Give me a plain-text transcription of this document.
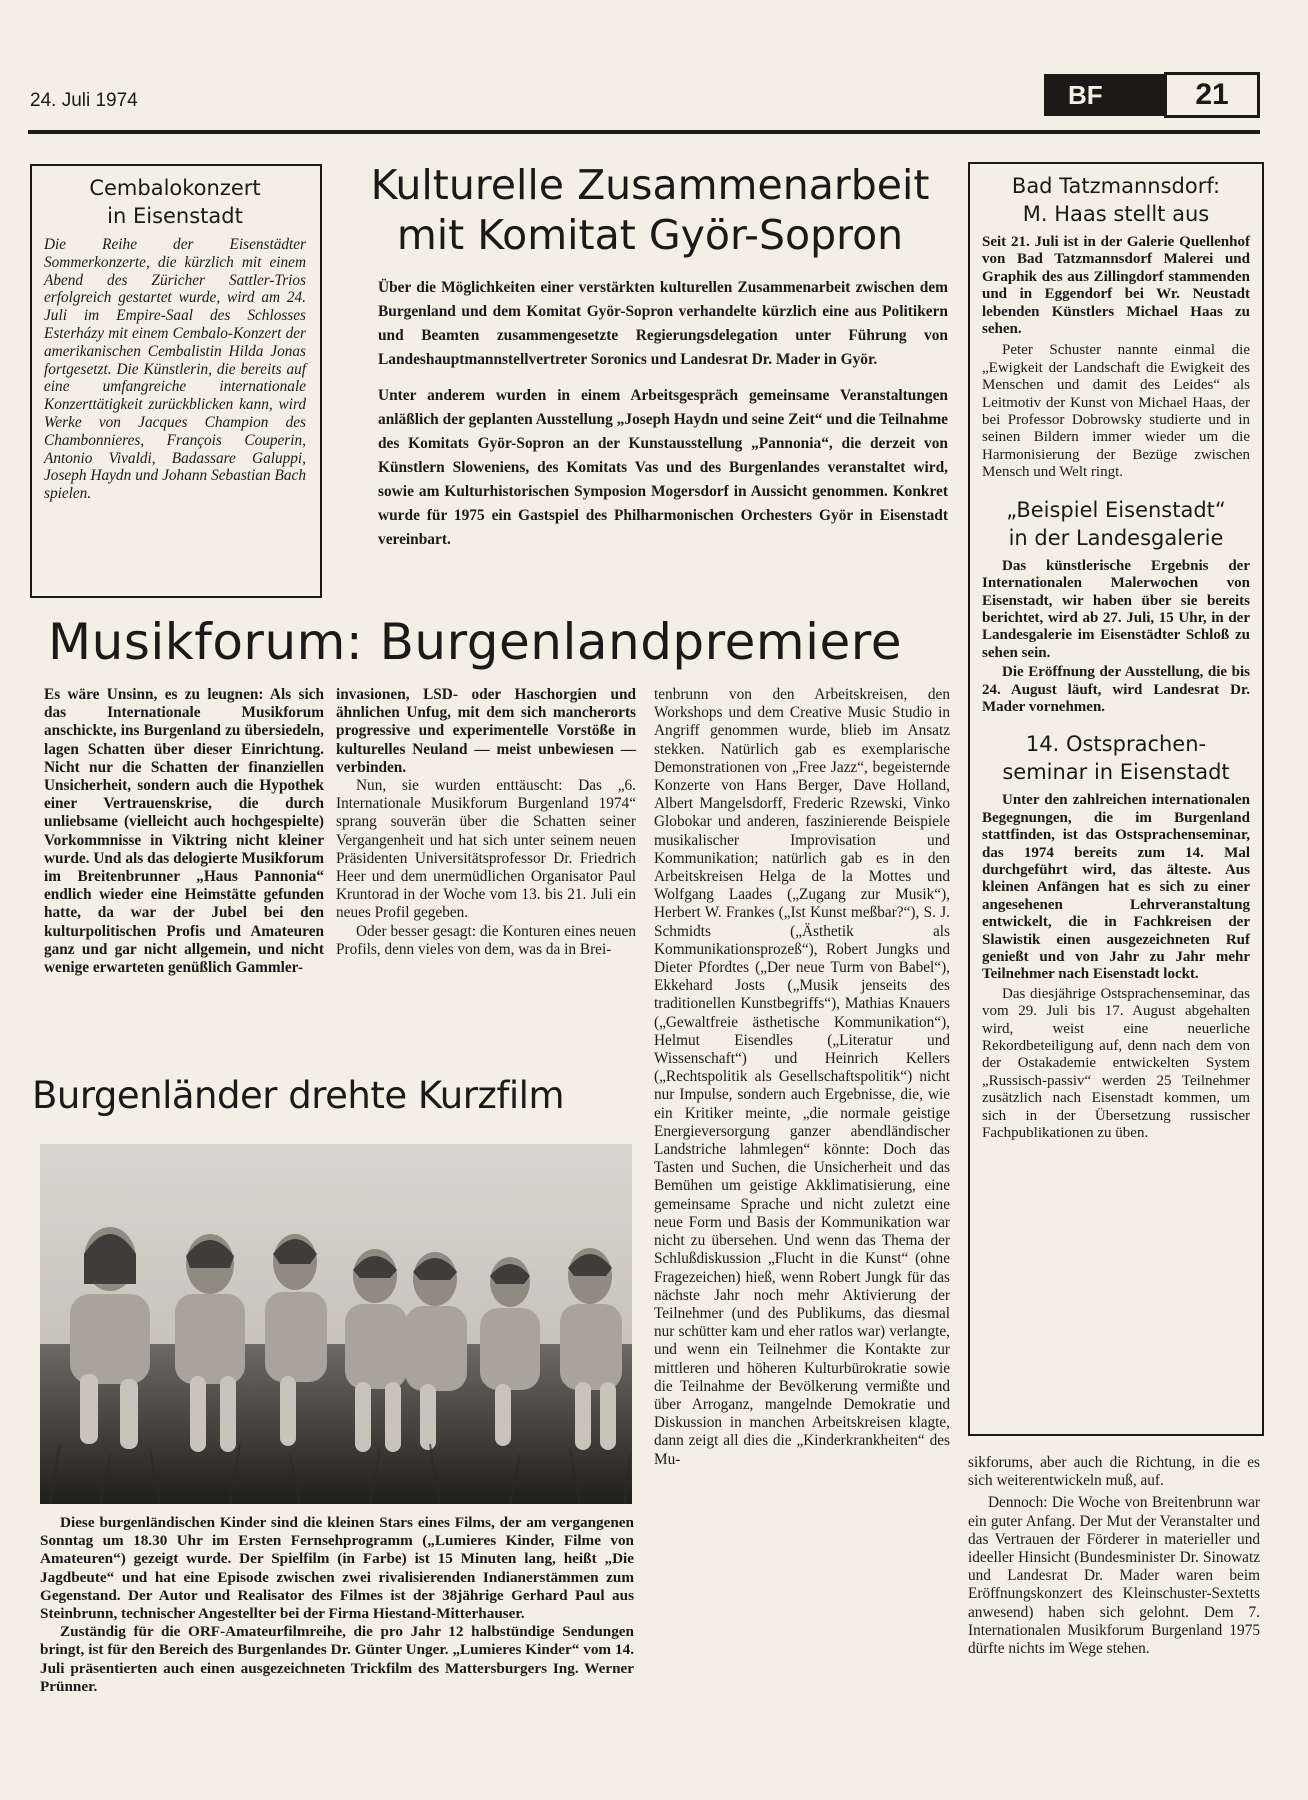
24. Juli 1974	BF	21
Cembalokonzert
in Eisenstadt

Die Reihe der Eisenstädter Sommerkonzerte, die kürzlich mit einem Abend des Züricher Sattler-Trios erfolgreich gestartet wurde, wird am 24. Juli im Empire-Saal des Schlosses Esterházy mit einem Cembalo-Konzert der amerikanischen Cembalistin Hilda Jonas fortgesetzt. Die Künstlerin, die bereits auf eine umfangreiche internationale Konzerttätigkeit zurückblicken kann, wird Werke von Jacques Champion des Chambonnieres, François Couperin, Antonio Vivaldi, Badassare Galuppi, Joseph Haydn und Johann Sebastian Bach spielen.

Kulturelle Zusammenarbeit
mit Komitat Györ-Sopron

Über die Möglichkeiten einer verstärkten kulturellen Zusammenarbeit zwischen dem Burgenland und dem Komitat Györ-Sopron verhandelte kürzlich eine aus Politikern und Beamten zusammengesetzte Regierungsdelegation unter Führung von Landeshauptmannstellvertreter Soronics und Landesrat Dr. Mader in Györ.

Unter anderem wurden in einem Arbeitsgespräch gemeinsame Veranstaltungen anläßlich der geplanten Ausstellung „Joseph Haydn und seine Zeit“ und die Teilnahme des Komitats Györ-Sopron an der Kunstausstellung „Pannonia“, die derzeit von Künstlern Sloweniens, des Komitats Vas und des Burgenlandes veranstaltet wird, sowie am Kulturhistorischen Symposion Mogersdorf in Aussicht genommen. Konkret wurde für 1975 ein Gastspiel des Philharmonischen Orchesters Györ in Eisenstadt vereinbart.

Bad Tatzmannsdorf:
M. Haas stellt aus

Seit 21. Juli ist in der Galerie Quellenhof von Bad Tatzmannsdorf Malerei und Graphik des aus Zillingdorf stammenden und in Eggendorf bei Wr. Neustadt lebenden Künstlers Michael Haas zu sehen.

Peter Schuster nannte einmal die „Ewigkeit der Landschaft die Ewigkeit des Menschen und damit des Leides“ als Leitmotiv der Kunst von Michael Haas, der bei Professor Dobrowsky studierte und in seinen Bildern immer wieder um die Harmonisierung der Bezüge zwischen Mensch und Welt ringt.

„Beispiel Eisenstadt“
in der Landesgalerie

Das künstlerische Ergebnis der Internationalen Malerwochen von Eisenstadt, wir haben über sie bereits berichtet, wird ab 27. Juli, 15 Uhr, in der Landesgalerie im Eisenstädter Schloß zu sehen sein.

Die Eröffnung der Ausstellung, die bis 24. August läuft, wird Landesrat Dr. Mader vornehmen.

14. Ostsprachen-
seminar in Eisenstadt

Unter den zahlreichen internationalen Begegnungen, die im Burgenland stattfinden, ist das Ostsprachenseminar, das 1974 bereits zum 14. Mal durchgeführt wird, das älteste. Aus kleinen Anfängen hat es sich zu einer angesehenen Lehrveranstaltung entwickelt, die in Fachkreisen der Slawistik einen ausgezeichneten Ruf genießt und von Jahr zu Jahr mehr Teilnehmer nach Eisenstadt lockt.

Das diesjährige Ostsprachenseminar, das vom 29. Juli bis 17. August abgehalten wird, weist eine neuerliche Rekordbeteiligung auf, denn nach dem von der Ostakademie entwickelten System „Russisch-passiv“ werden 25 Teilnehmer zusätzlich nach Eisenstadt kommen, um sich in der Übersetzung russischer Fachpublikationen zu üben.

Musikforum: Burgenlandpremiere

Es wäre Unsinn, es zu leugnen: Als sich das Internationale Musikforum anschickte, ins Burgenland zu übersiedeln, lagen Schatten über dieser Einrichtung. Nicht nur die Schatten der finanziellen Unsicherheit, sondern auch die Hypothek einer Vertrauenskrise, die durch unliebsame (vielleicht auch hochgespielte) Vorkommnisse in Viktring nicht kleiner wurde. Und als das delogierte Musikforum im Breitenbrunner „Haus Pannonia“ endlich wieder eine Heimstätte gefunden hatte, da war der Jubel bei den kulturpolitischen Profis und Amateuren ganz und gar nicht allgemein, und nicht wenige erwarteten genüßlich Gammler-

invasionen, LSD- oder Haschorgien und ähnlichen Unfug, mit dem sich mancherorts progressive und experimentelle Vorstöße in kulturelles Neuland — meist unbewiesen — verbinden.

Nun, sie wurden enttäuscht: Das „6. Internationale Musikforum Burgenland 1974“ sprang souverän über die Schatten seiner Vergangenheit und hat sich unter seinem neuen Präsidenten Universitätsprofessor Dr. Friedrich Heer und dem unermüdlichen Organisator Paul Kruntorad in der Woche vom 13. bis 21. Juli ein neues Profil gegeben.

Oder besser gesagt: die Konturen eines neuen Profils, denn vieles von dem, was da in Brei-

tenbrunn von den Arbeitskreisen, den Workshops und dem Creative Music Studio in Angriff genommen wurde, blieb im Ansatz stekken. Natürlich gab es exemplarische Demonstrationen von „Free Jazz“, begeisternde Konzerte von Hans Berger, Dave Holland, Albert Mangelsdorff, Frederic Rzewski, Vinko Globokar und anderen, faszinierende Beispiele musikalischer Improvisation und Kommunikation; natürlich gab es in den Arbeitskreisen Helga de la Mottes und Wolfgang Laades („Zugang zur Musik“), Herbert W. Frankes („Ist Kunst meßbar?“), S. J. Schmidts („Ästhetik als Kommunikationsprozeß“), Robert Jungks und Dieter Pfordtes („Der neue Turm von Babel“), Ekkehard Josts („Musik jenseits des traditionellen Kunstbegriffs“), Mathias Knauers („Gewaltfreie ästhetische Kommunikation“), Helmut Eisendles („Literatur und Wissenschaft“) und Heinrich Kellers („Rechtspolitik als Gesellschaftspolitik“) nicht nur Impulse, sondern auch Ergebnisse, die, wie ein Kritiker meinte, „die normale geistige Energieversorgung ganzer abendländischer Landstriche lahmlegen“ könnte: Doch das Tasten und Suchen, die Unsicherheit und das Bemühen um geistige Akklimatisierung, eine gemeinsame Sprache und nicht zuletzt eine neue Form und Basis der Kommunikation war nicht zu übersehen. Und wenn das Thema der Schlußdiskussion „Flucht in die Kunst“ (ohne Fragezeichen) hieß, wenn Robert Jungk für das nächste Jahr noch mehr Aktivierung der Teilnehmer (und des Publikums, das diesmal nur schütter kam und eher ratlos war) verlangte, und wenn ein Teilnehmer die Kontakte zur mittleren und höheren Kulturbürokratie sowie die Teilnahme der Bevölkerung vermißte und über Arroganz, mangelnde Demokratie und Diskussion in manchen Arbeitskreisen klagte, dann zeigt all dies die „Kinderkrankheiten“ des Mu-	sikforums, aber auch die Richtung, in die es sich weiterentwickeln muß, auf.

Dennoch: Die Woche von Breitenbrunn war ein guter Anfang. Der Mut der Veranstalter und das Vertrauen der Förderer in materieller und ideeller Hinsicht (Bundesminister Dr. Sinowatz und Landesrat Dr. Mader waren beim Eröffnungskonzert des Kleinschuster-Sextetts anwesend) haben sich gelohnt. Dem 7. Internationalen Musikforum Burgenland 1975 dürfte nichts im Wege stehen.

Burgenländer drehte Kurzfilm

Diese burgenländischen Kinder sind die kleinen Stars eines Films, der am vergangenen Sonntag um 18.30 Uhr im Ersten Fernsehprogramm („Lumieres Kinder, Filme von Amateuren“) gezeigt wurde. Der Spielfilm (in Farbe) ist 15 Minuten lang, heißt „Die Jagdbeute“ und hat eine Episode zwischen zwei rivalisierenden Indianerstämmen zum Gegenstand. Der Autor und Realisator des Filmes ist der 38jährige Gerhard Paul aus Steinbrunn, technischer Angestellter bei der Firma Hiestand-Mitterhauser.

Zuständig für die ORF-Amateurfilmreihe, die pro Jahr 12 halbstündige Sendungen bringt, ist für den Bereich des Burgenlandes Dr. Günter Unger. „Lumieres Kinder“ vom 14. Juli präsentierten auch einen ausgezeichneten Trickfilm des Mattersburgers Ing. Werner Prünner.
